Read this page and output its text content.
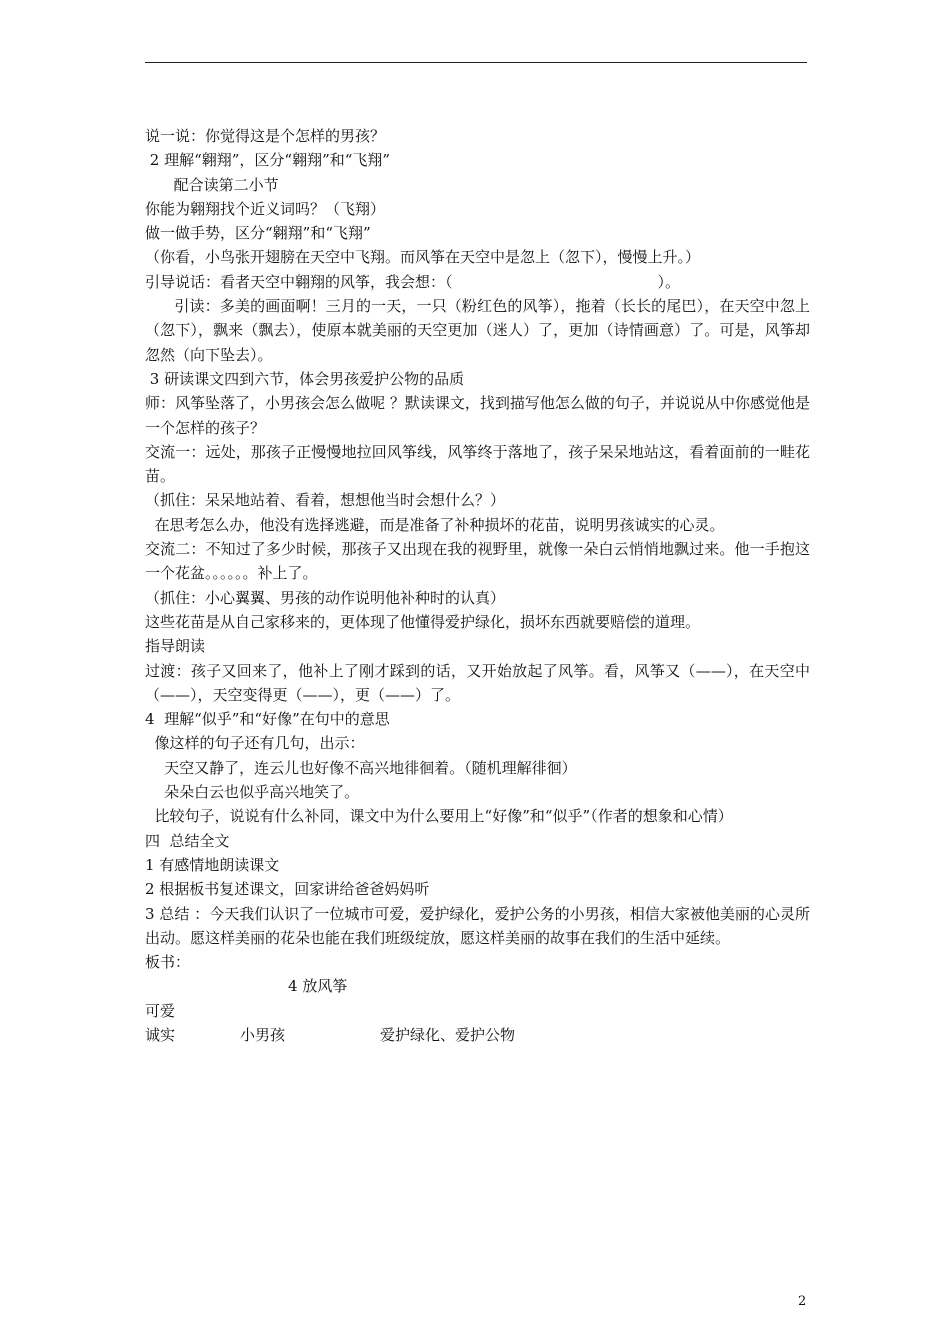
说一说：你觉得这是个怎样的男孩？
2 理解“翱翔”，区分“翱翔”和“飞翔”
配合读第二小节
你能为翱翔找个近义词吗？（飞翔）
做一做手势，区分“翱翔”和“飞翔”
（你看，小鸟张开翅膀在天空中飞翔。而风筝在天空中是忽上（忽下），慢慢上升。）
引导说话：看者天空中翱翔的风筝，我会想：（                                           ）。
引读：多美的画面啊！三月的一天，一只（粉红色的风筝），拖着（长长的尾巴），在天空中忽上（忽下），飘来（飘去），使原本就美丽的天空更加（迷人）了，更加（诗情画意）了。可是，风筝却忽然（向下坠去）。
3 研读课文四到六节，体会男孩爱护公物的品质
师：风筝坠落了，小男孩会怎么做呢 ？默读课文，找到描写他怎么做的句子，并说说从中你感觉他是一个怎样的孩子？
交流一：远处，那孩子正慢慢地拉回风筝线，风筝终于落地了，孩子呆呆地站这，看着面前的一畦花苗。
（抓住：呆呆地站着、看着，想想他当时会想什么？）
在思考怎么办，他没有选择逃避，而是准备了补种损坏的花苗，说明男孩诚实的心灵。
交流二：不知过了多少时候，那孩子又出现在我的视野里，就像一朵白云悄悄地飘过来。他一手抱这一个花盆。。。。。。补上了。
（抓住：小心翼翼、男孩的动作说明他补种时的认真）
这些花苗是从自己家移来的，更体现了他懂得爱护绿化，损坏东西就要赔偿的道理。
指导朗读
过渡：孩子又回来了，他补上了刚才踩到的话，又开始放起了风筝。看，风筝又（——），在天空中（——），天空变得更（——），更（——）了。
4  理解“似乎”和“好像”在句中的意思
像这样的句子还有几句，出示：
天空又静了，连云儿也好像不高兴地徘徊着。（随机理解徘徊）
朵朵白云也似乎高兴地笑了。
比较句子，说说有什么补同，课文中为什么要用上“好像”和“似乎”（作者的想象和心情）
四  总结全文
1 有感情地朗读课文
2 根据板书复述课文，回家讲给爸爸妈妈听
3 总结 ：今天我们认识了一位城市可爱，爱护绿化，爱护公务的小男孩，相信大家被他美丽的心灵所出动。愿这样美丽的花朵也能在我们班级绽放，愿这样美丽的故事在我们的生活中延续。
板书：
4 放风筝
可爱
诚实	小男孩	爱护绿化、爱护公物
2
